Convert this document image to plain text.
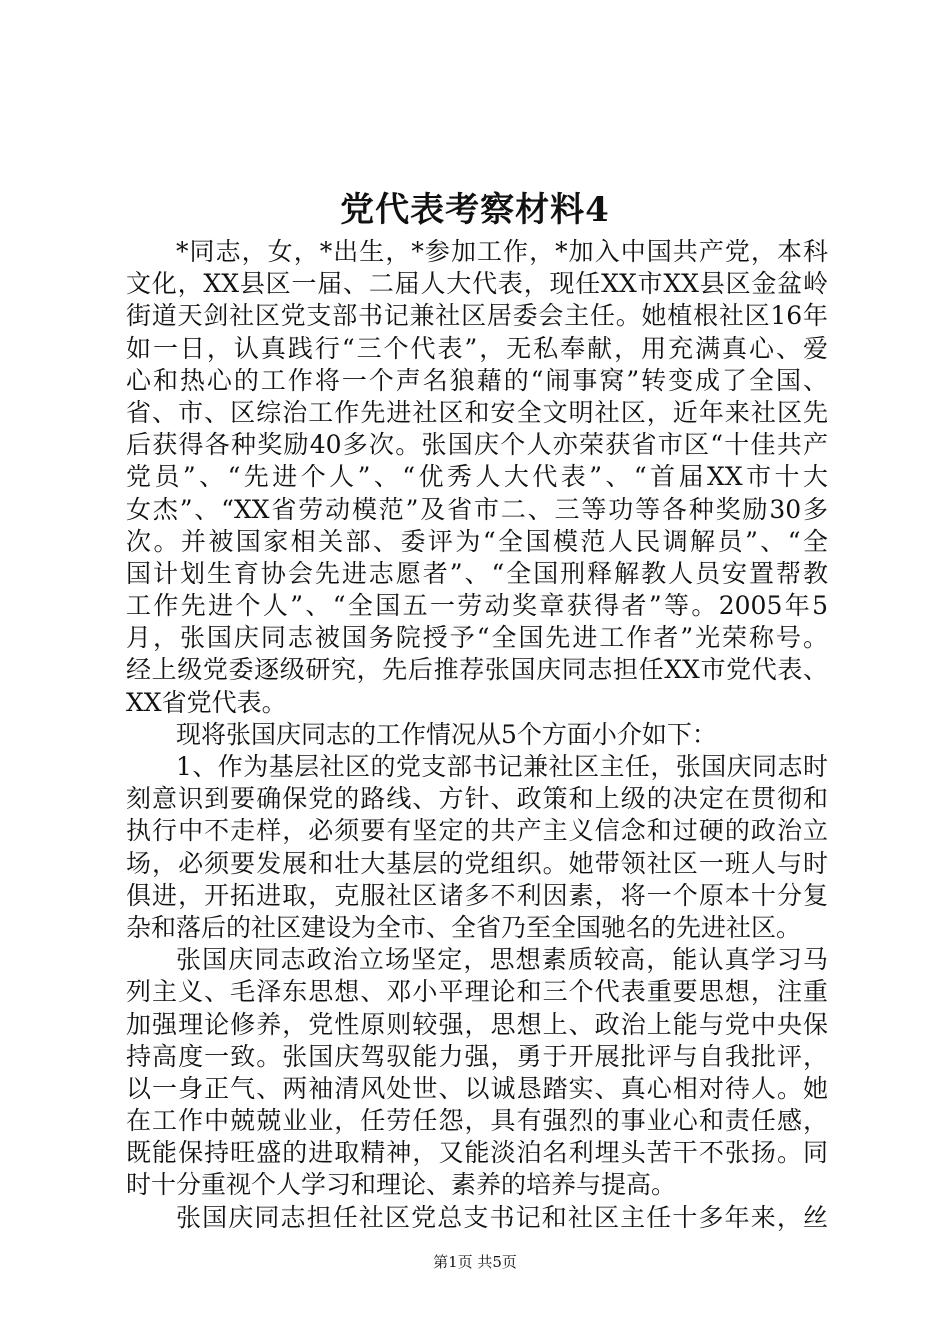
党代表考察材料4
*同志，女，*出生，*参加工作，*加入中国共产党，本科
文化，XX县区一届、二届人大代表，现任XX市XX县区金盆岭
街道天剑社区党支部书记兼社区居委会主任。她植根社区16年
如一日，认真践行“三个代表”，无私奉献，用充满真心、爱
心和热心的工作将一个声名狼藉的“闹事窝”转变成了全国、
省、市、区综治工作先进社区和安全文明社区，近年来社区先
后获得各种奖励40多次。张国庆个人亦荣获省市区“十佳共产
党员”、“先进个人”、“优秀人大代表”、“首届XX市十大
女杰”、“XX省劳动模范”及省市二、三等功等各种奖励30多
次。并被国家相关部、委评为“全国模范人民调解员”、“全
国计划生育协会先进志愿者”、“全国刑释解教人员安置帮教
工作先进个人”、“全国五一劳动奖章获得者”等。2005年5
月，张国庆同志被国务院授予“全国先进工作者”光荣称号。
经上级党委逐级研究，先后推荐张国庆同志担任XX市党代表、
XX省党代表。
现将张国庆同志的工作情况从5个方面小介如下：
1、作为基层社区的党支部书记兼社区主任，张国庆同志时
刻意识到要确保党的路线、方针、政策和上级的决定在贯彻和
执行中不走样，必须要有坚定的共产主义信念和过硬的政治立
场，必须要发展和壮大基层的党组织。她带领社区一班人与时
俱进，开拓进取，克服社区诸多不利因素，将一个原本十分复
杂和落后的社区建设为全市、全省乃至全国驰名的先进社区。
张国庆同志政治立场坚定，思想素质较高，能认真学习马
列主义、毛泽东思想、邓小平理论和三个代表重要思想，注重
加强理论修养，党性原则较强，思想上、政治上能与党中央保
持高度一致。张国庆驾驭能力强，勇于开展批评与自我批评，
以一身正气、两袖清风处世、以诚恳踏实、真心相对待人。她
在工作中兢兢业业，任劳任怨，具有强烈的事业心和责任感，
既能保持旺盛的进取精神，又能淡泊名利埋头苦干不张扬。同
时十分重视个人学习和理论、素养的培养与提高。
张国庆同志担任社区党总支书记和社区主任十多年来，丝
第1页 共5页
